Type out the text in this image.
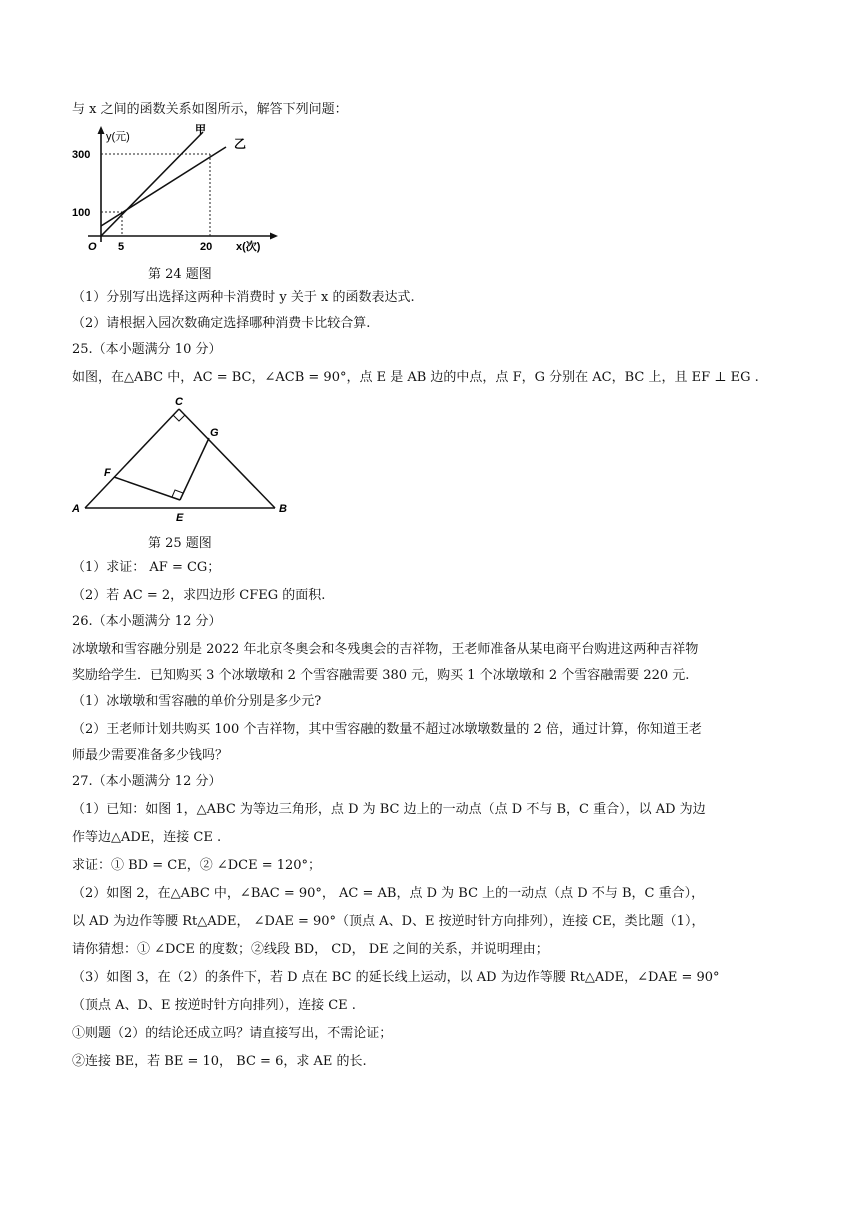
与 x 之间的函数关系如图所示，解答下列问题：
y(元)
x(次)
O
300
100
5	20
甲
乙
第 24 题图
（1）分别写出选择这两种卡消费时 y 关于 x 的函数表达式.
（2）请根据入园次数确定选择哪种消费卡比较合算.
25.（本小题满分 10 分）
如图，在△ABC 中，AC = BC，∠ACB = 90°，点 E 是 AB 边的中点，点 F，G 分别在 AC，BC 上，且 EF ⊥ EG .
C
G
F
A
E
B
第 25 题图
（1）求证： AF = CG；
（2）若 AC = 2，求四边形 CFEG 的面积.
26.（本小题满分 12 分）
冰墩墩和雪容融分别是 2022 年北京冬奥会和冬残奥会的吉祥物，王老师准备从某电商平台购进这两种吉祥物
奖励给学生．已知购买 3 个冰墩墩和 2 个雪容融需要 380 元，购买 1 个冰墩墩和 2 个雪容融需要 220 元.
（1）冰墩墩和雪容融的单价分别是多少元?
（2）王老师计划共购买 100 个吉祥物，其中雪容融的数量不超过冰墩墩数量的 2 倍，通过计算，你知道王老
师最少需要准备多少钱吗？
27.（本小题满分 12 分）
（1）已知：如图 1，△ABC 为等边三角形，点 D 为 BC 边上的一动点（点 D 不与 B，C 重合），以 AD 为边
作等边△ADE，连接 CE .
求证：① BD = CE，② ∠DCE = 120°；
（2）如图 2，在△ABC 中，∠BAC = 90°， AC = AB，点 D 为 BC 上的一动点（点 D 不与 B，C 重合），
以 AD 为边作等腰 Rt△ADE， ∠DAE = 90°（顶点 A、D、E 按逆时针方向排列），连接 CE，类比题（1），
请你猜想：① ∠DCE 的度数；②线段 BD， CD， DE 之间的关系，并说明理由；
（3）如图 3，在（2）的条件下，若 D 点在 BC 的延长线上运动，以 AD 为边作等腰 Rt△ADE，∠DAE = 90°
（顶点 A、D、E 按逆时针方向排列），连接 CE .
①则题（2）的结论还成立吗？请直接写出，不需论证；
②连接 BE，若 BE = 10， BC = 6，求 AE 的长.
